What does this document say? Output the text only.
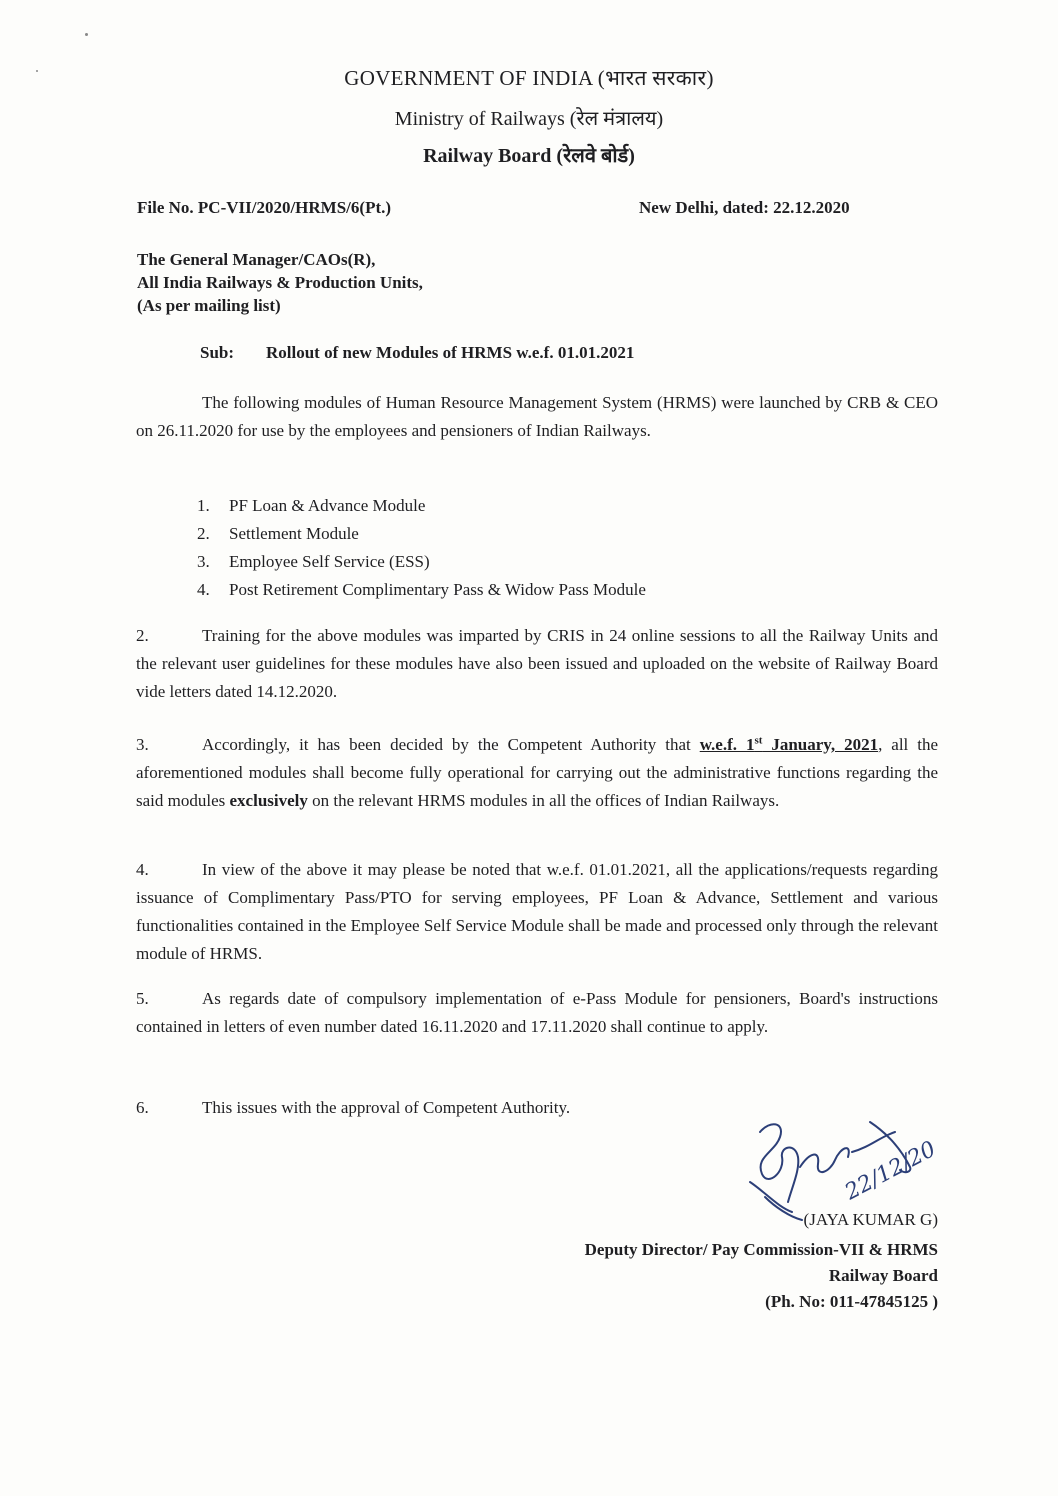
GOVERNMENT OF INDIA (भारत सरकार)
Ministry of Railways (रेल मंत्रालय)
Railway Board (रेलवे बोर्ड)
File No. PC-VII/2020/HRMS/6(Pt.)	New Delhi, dated: 22.12.2020
The General Manager/CAOs(R),
All India Railways & Production Units,
(As per mailing list)
Sub: Rollout of new Modules of HRMS w.e.f. 01.01.2021
The following modules of Human Resource Management System (HRMS) were launched by CRB & CEO on 26.11.2020 for use by the employees and pensioners of Indian Railways.
1. PF Loan & Advance Module
2. Settlement Module
3. Employee Self Service (ESS)
4. Post Retirement Complimentary Pass & Widow Pass Module
2.	Training for the above modules was imparted by CRIS in 24 online sessions to all the Railway Units and the relevant user guidelines for these modules have also been issued and uploaded on the website of Railway Board vide letters dated 14.12.2020.
3.	Accordingly, it has been decided by the Competent Authority that w.e.f. 1st January, 2021, all the aforementioned modules shall become fully operational for carrying out the administrative functions regarding the said modules exclusively on the relevant HRMS modules in all the offices of Indian Railways.
4.	In view of the above it may please be noted that w.e.f. 01.01.2021, all the applications/requests regarding issuance of Complimentary Pass/PTO for serving employees, PF Loan & Advance, Settlement and various functionalities contained in the Employee Self Service Module shall be made and processed only through the relevant module of HRMS.
5.	As regards date of compulsory implementation of e-Pass Module for pensioners, Board's instructions contained in letters of even number dated 16.11.2020 and 17.11.2020 shall continue to apply.
6.	This issues with the approval of Competent Authority.
22/12/20
(JAYA KUMAR G)
Deputy Director/ Pay Commission-VII & HRMS
Railway Board
(Ph. No: 011-47845125 )
